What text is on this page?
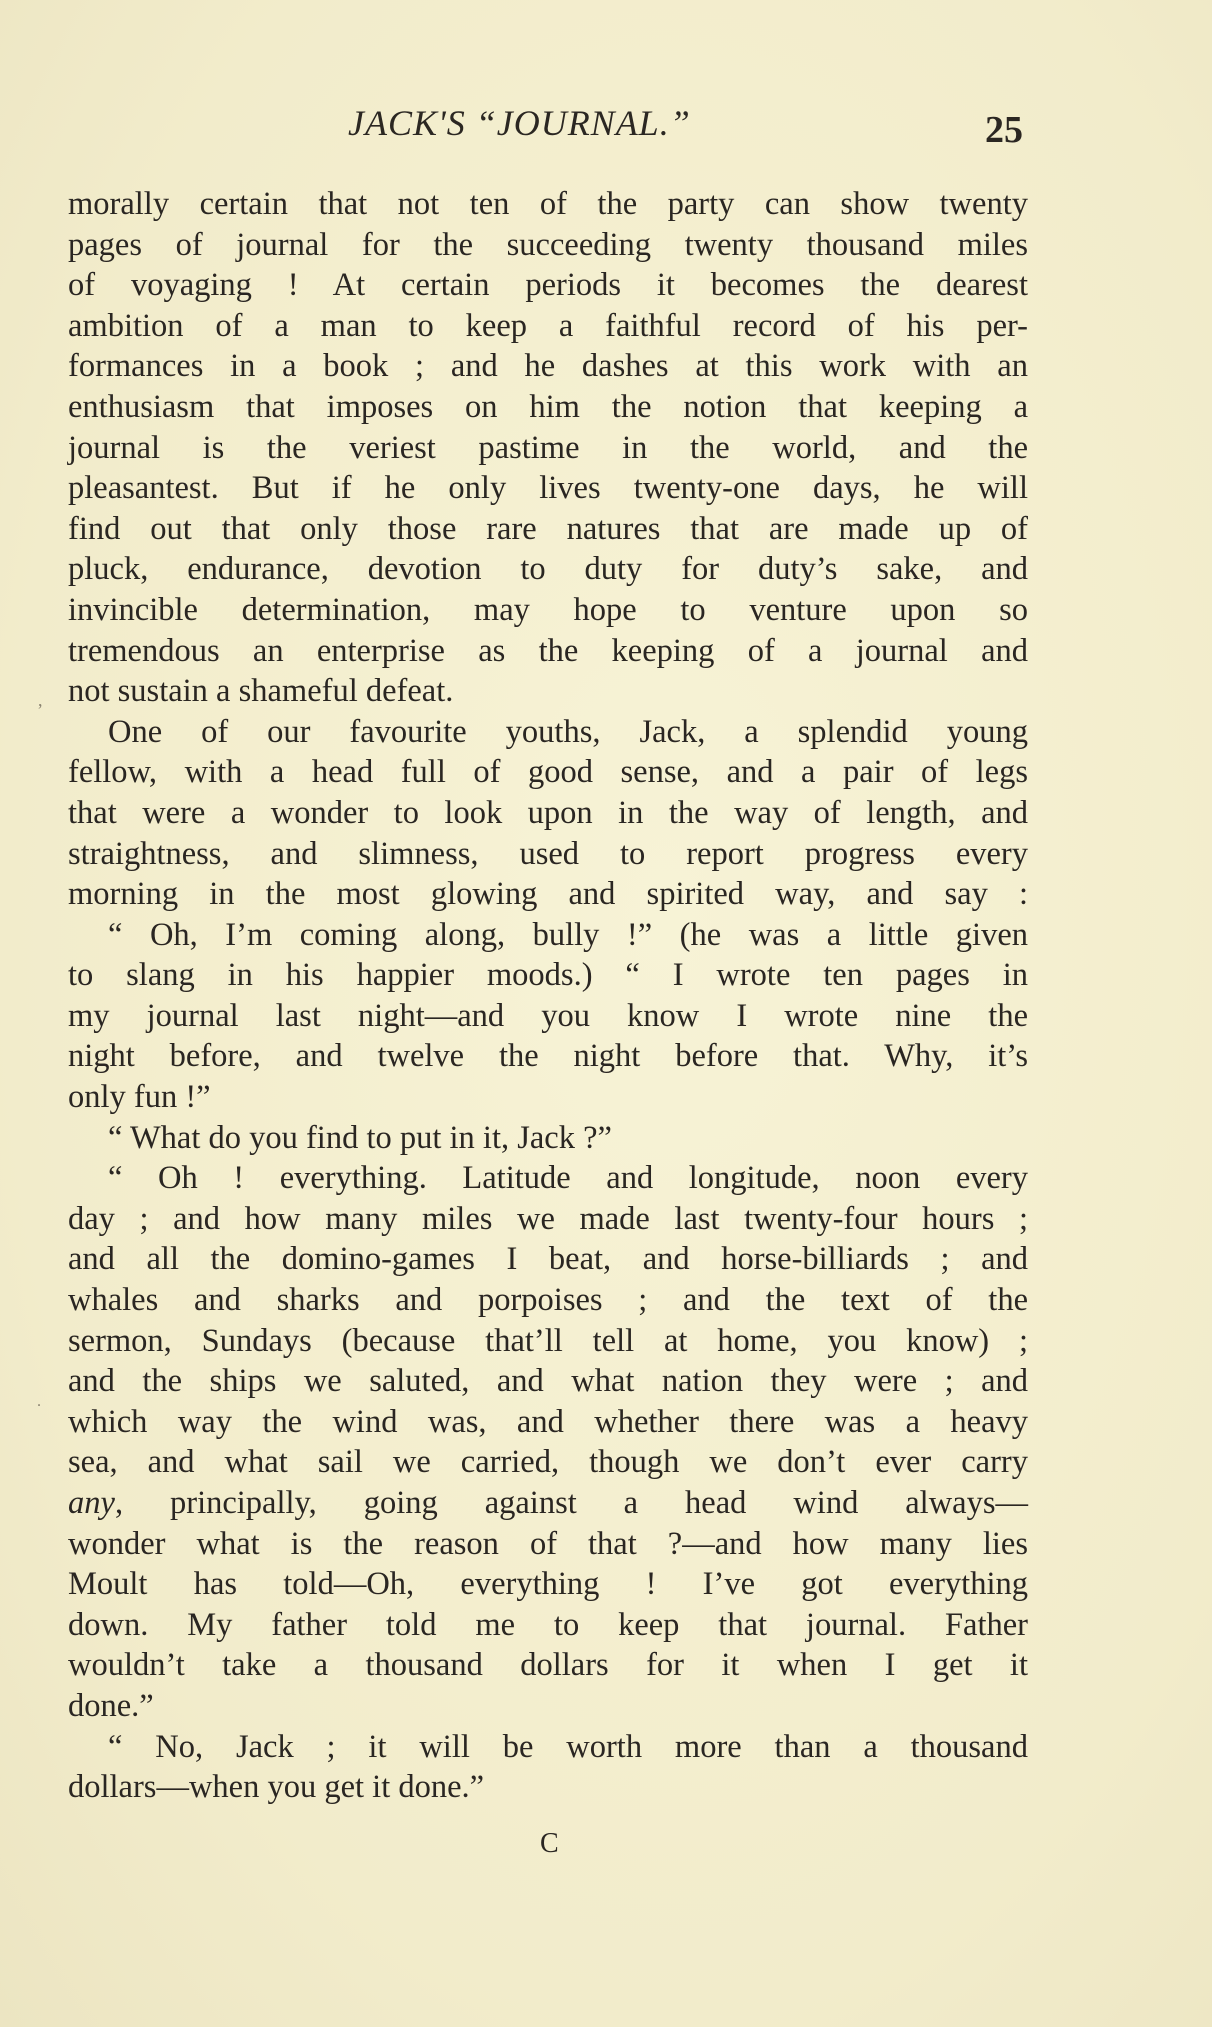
JACK'S “JOURNAL.”	25
morally certain that not ten of the party can show twenty
pages of journal for the succeeding twenty thousand miles
of voyaging ! At certain periods it becomes the dearest
ambition of a man to keep a faithful record of his per-
formances in a book ; and he dashes at this work with an
enthusiasm that imposes on him the notion that keeping a
journal is the veriest pastime in the world, and the
pleasantest. But if he only lives twenty-one days, he will
find out that only those rare natures that are made up of
pluck, endurance, devotion to duty for duty’s sake, and
invincible determination, may hope to venture upon so
tremendous an enterprise as the keeping of a journal and
not sustain a shameful defeat.
One of our favourite youths, Jack, a splendid young
fellow, with a head full of good sense, and a pair of legs
that were a wonder to look upon in the way of length, and
straightness, and slimness, used to report progress every
morning in the most glowing and spirited way, and say :
“ Oh, I’m coming along, bully !” (he was a little given
to slang in his happier moods.) “ I wrote ten pages in
my journal last night—and you know I wrote nine the
night before, and twelve the night before that. Why, it’s
only fun !”
“ What do you find to put in it, Jack ?”
“ Oh ! everything. Latitude and longitude, noon every
day ; and how many miles we made last twenty-four hours ;
and all the domino-games I beat, and horse-billiards ; and
whales and sharks and porpoises ; and the text of the
sermon, Sundays (because that’ll tell at home, you know) ;
and the ships we saluted, and what nation they were ; and
which way the wind was, and whether there was a heavy
sea, and what sail we carried, though we don’t ever carry
any, principally, going against a head wind always—
wonder what is the reason of that ?—and how many lies
Moult has told—Oh, everything ! I’ve got everything
down. My father told me to keep that journal. Father
wouldn’t take a thousand dollars for it when I get it
done.”
“ No, Jack ; it will be worth more than a thousand
dollars—when you get it done.”
C
,
˙
